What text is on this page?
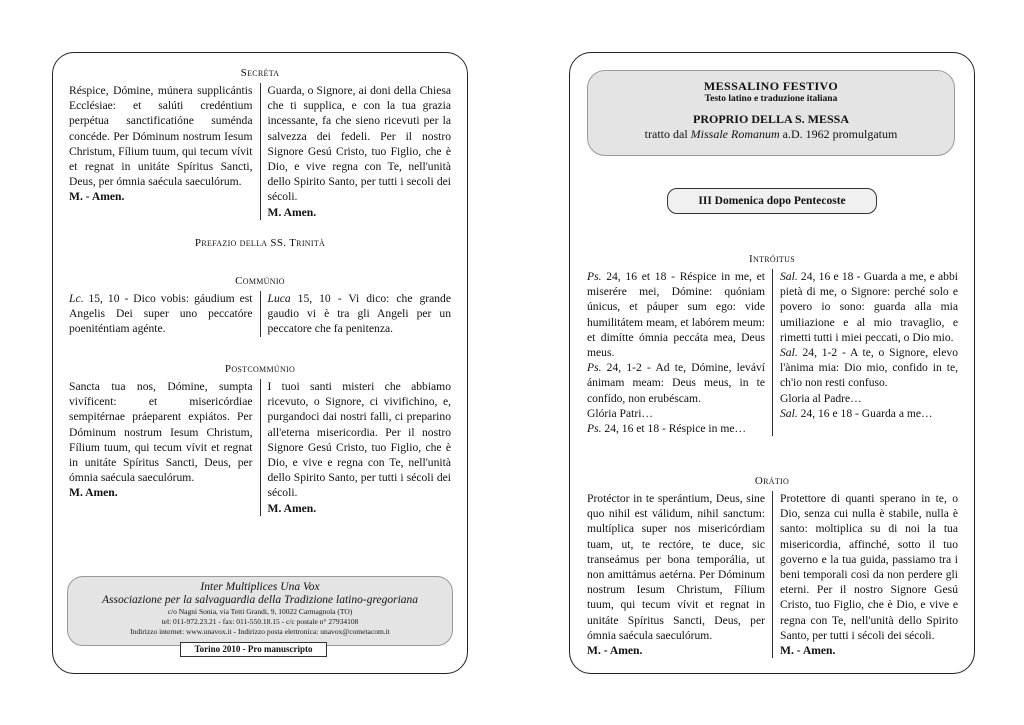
Secréta
Réspice, Dómine, múnera supplicántis Ecclésiae: et salúti credéntium perpétua sanctificatióne suménda concéde. Per Dóminum nostrum Iesum Christum, Fílium tuum, qui tecum vívit et regnat in unitáte Spíritus Sancti, Deus, per ómnia saécula saeculórum.
M. - Amen.
Guarda, o Signore, ai doni della Chiesa che ti supplica, e con la tua grazia incessante, fa che sieno ricevuti per la salvezza dei fedeli. Per il nostro Signore Gesú Cristo, tuo Figlio, che è Dio, e vive regna con Te, nell'unità dello Spirito Santo, per tutti i secoli dei sécoli.
M. Amen.
Prefazio della SS. Trinità
Commúnio
Lc. 15, 10 - Dico vobis: gáudium est Angelis Dei super uno peccatóre poeniténtiam agénte.
Luca 15, 10 - Vi dico: che grande gaudio vi è tra gli Angeli per un peccatore che fa penitenza.
Postcommúnio
Sancta tua nos, Dómine, sumpta vivíficent: et misericórdiae sempitérnae práeparent expiátos. Per Dóminum nostrum Iesum Christum, Fílium tuum, qui tecum vívit et regnat in unitáte Spíritus Sancti, Deus, per ómnia saécula saeculórum.
M. Amen.
I tuoi santi misteri che abbiamo ricevuto, o Signore, ci vivifichino, e, purgandoci dai nostri falli, ci preparino all'eterna misericordia. Per il nostro Signore Gesú Cristo, tuo Figlio, che è Dio, e vive e regna con Te, nell'unità dello Spirito Santo, per tutti i sécoli dei sécoli.
M. Amen.
Inter Multiplices Una Vox
Associazione per la salvaguardia della Tradizione latino-gregoriana
c/o Nagni Sonia, via Tetti Grandi, 9, 10022 Carmagnola (TO)
tel: 011-972.23.21 - fax: 011-550.18.15 - c/c postale n° 27934108
Indirizzo internet: www.unavox.it - Indirizzo posta elettronica: unavox@cometacom.it
Torino 2010 - Pro manuscripto
MESSALINO FESTIVO
Testo latino e traduzione italiana
PROPRIO DELLA S. MESSA
tratto dal Missale Romanum a.D. 1962 promulgatum
III Domenica dopo Pentecoste
Intróitus
Ps. 24, 16 et 18 - Réspice in me, et miserére mei, Dómine: quóniam únicus, et páuper sum ego: vide humilitátem meam, et labórem meum: et dimítte ómnia peccáta mea, Deus meus.
Ps. 24, 1-2 - Ad te, Dómine, leváví ánimam meam: Deus meus, in te confído, non erubéscam.
Glória Patri…
Ps. 24, 16 et 18 - Réspice in me…
Sal. 24, 16 e 18 - Guarda a me, e abbi pietà di me, o Signore: perché solo e povero io sono: guarda alla mia umiliazione e al mio travaglio, e rimetti tutti i miei peccati, o Dio mio.
Sal. 24, 1-2 - A te, o Signore, elevo l'ànima mia: Dio mio, confido in te, ch'io non resti confuso.
Gloria al Padre…
Sal. 24, 16 e 18 - Guarda a me…
Orátio
Protéctor in te sperántium, Deus, sine quo nihil est válidum, nihil sanctum: multíplica super nos misericórdiam tuam, ut, te rectóre, te duce, sic transeámus per bona temporália, ut non amittámus aetérna. Per Dóminum nostrum Iesum Christum, Fílium tuum, qui tecum vívit et regnat in unitáte Spíritus Sancti, Deus, per ómnia saécula saeculórum.
M. - Amen.
Protettore di quanti sperano in te, o Dio, senza cui nulla è stabile, nulla è santo: moltiplica su di noi la tua misericordia, affinché, sotto il tuo governo e la tua guida, passiamo tra i beni temporali così da non perdere gli eterni. Per il nostro Signore Gesú Cristo, tuo Figlio, che è Dio, e vive e regna con Te, nell'unità dello Spirito Santo, per tutti i sécoli dei sécoli.
M. - Amen.
